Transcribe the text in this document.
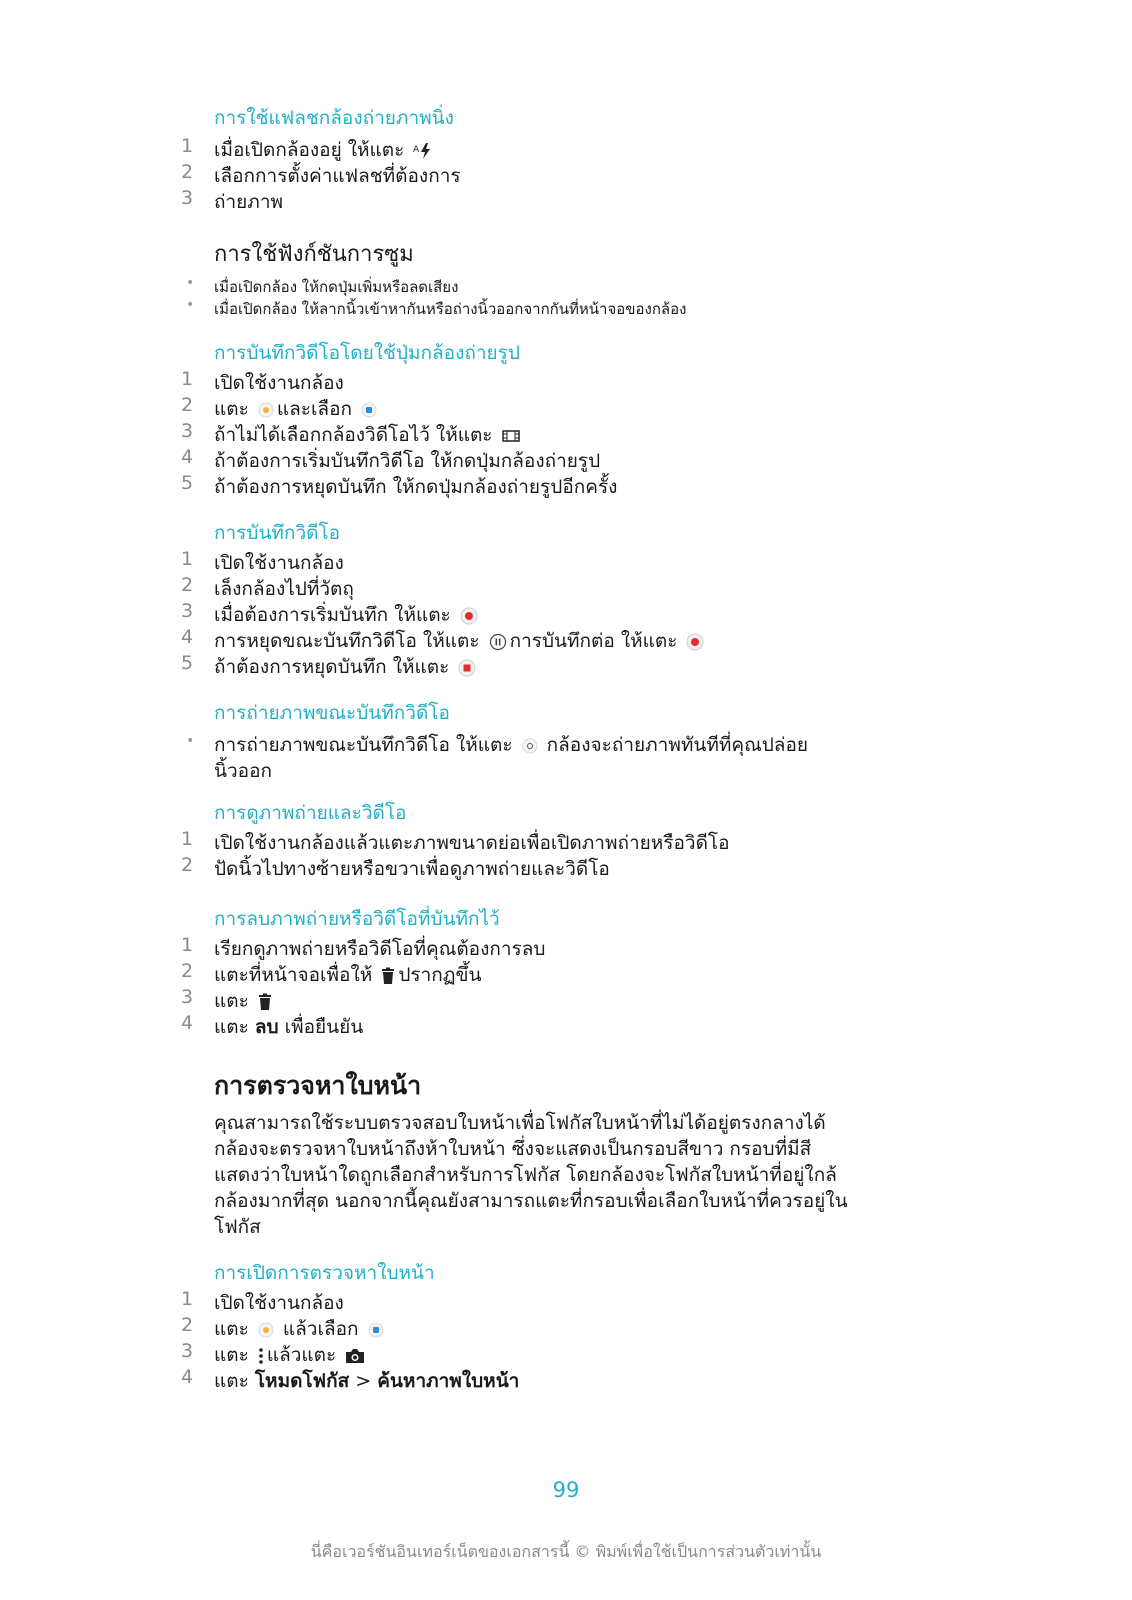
การใช้แฟลชกล้องถ่ายภาพนิ่ง
1	เมื่อเปิดกล้องอยู่ ให้แตะ A
2	เลือกการตั้งค่าแฟลชที่ต้องการ
3	ถ่ายภาพ
การใช้ฟังก์ชันการซูม
• เมื่อเปิดกล้อง ให้กดปุ่มเพิ่มหรือลดเสียง
• เมื่อเปิดกล้อง ให้ลากนิ้วเข้าหากันหรือถ่างนิ้วออกจากกันที่หน้าจอของกล้อง
การบันทึกวิดีโอโดยใช้ปุ่มกล้องถ่ายรูป
1	เปิดใช้งานกล้อง
2	แตะ และเลือก
3	ถ้าไม่ได้เลือกกล้องวิดีโอไว้ ให้แตะ
4	ถ้าต้องการเริ่มบันทึกวิดีโอ ให้กดปุ่มกล้องถ่ายรูป
5	ถ้าต้องการหยุดบันทึก ให้กดปุ่มกล้องถ่ายรูปอีกครั้ง
การบันทึกวิดีโอ
1	เปิดใช้งานกล้อง
2	เล็งกล้องไปที่วัตถุ
3	เมื่อต้องการเริ่มบันทึก ให้แตะ
4	การหยุดขณะบันทึกวิดีโอ ให้แตะ การบันทึกต่อ ให้แตะ
5	ถ้าต้องการหยุดบันทึก ให้แตะ
การถ่ายภาพขณะบันทึกวิดีโอ
• การถ่ายภาพขณะบันทึกวิดีโอ ให้แตะ กล้องจะถ่ายภาพทันทีที่คุณปล่อย
นิ้วออก
การดูภาพถ่ายและวิดีโอ
1	เปิดใช้งานกล้องแล้วแตะภาพขนาดย่อเพื่อเปิดภาพถ่ายหรือวิดีโอ
2	ปัดนิ้วไปทางซ้ายหรือขวาเพื่อดูภาพถ่ายและวิดีโอ
การลบภาพถ่ายหรือวิดีโอที่บันทึกไว้
1	เรียกดูภาพถ่ายหรือวิดีโอที่คุณต้องการลบ
2	แตะที่หน้าจอเพื่อให้ ปรากฏขึ้น
3	แตะ
4	แตะ ลบ เพื่อยืนยัน
การตรวจหาใบหน้า
คุณสามารถใช้ระบบตรวจสอบใบหน้าเพื่อโฟกัสใบหน้าที่ไม่ได้อยู่ตรงกลางได้
กล้องจะตรวจหาใบหน้าถึงห้าใบหน้า ซึ่งจะแสดงเป็นกรอบสีขาว กรอบที่มีสี
แสดงว่าใบหน้าใดถูกเลือกสำหรับการโฟกัส โดยกล้องจะโฟกัสใบหน้าที่อยู่ใกล้
กล้องมากที่สุด นอกจากนี้คุณยังสามารถแตะที่กรอบเพื่อเลือกใบหน้าที่ควรอยู่ใน
โฟกัส
การเปิดการตรวจหาใบหน้า
1	เปิดใช้งานกล้อง
2	แตะ แล้วเลือก
3	แตะ แล้วแตะ
4	แตะ โหมดโฟกัส > ค้นหาภาพใบหน้า
99
นี่คือเวอร์ชันอินเทอร์เน็ตของเอกสารนี้ © พิมพ์เพื่อใช้เป็นการส่วนตัวเท่านั้น
